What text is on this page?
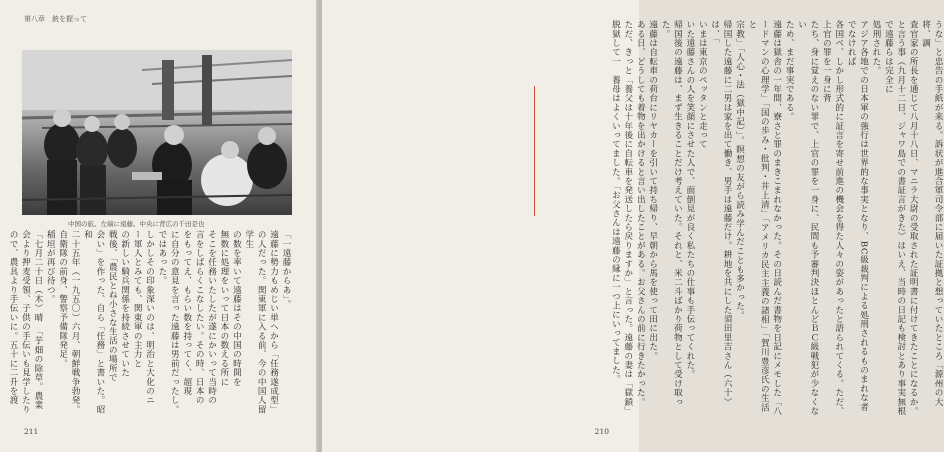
第八章　銃を握って
中国の旅。左端に遠藤。中央に背広の千田是也
「一遠藤からあ」。
遠藤に勢力もめじい単へから「任務遂成型」
の人だった。関東軍に入る前、今の中国人留学生
の数を率いて遠藤はその中国の時間を
無数に処理をいって日本の数える所に
そこを任務いたしたが遂にかいって当時の
言をしばらくこなしたい。その時、日本の
をもってえ、もらい数を持ってく、超現
に自分の意見を言った遠藤は男前だったし。
ではあった。
しかしその印象深いのは、明治と大化のニ
ー軍人とみても、関東軍の主力と
の新しい騎兵関係を持続させていた
戦後、「農民とね小さな生活の場所で
会い」を作った、自ら「任務」と書いた。昭和
二十五年（一九五〇）六月、朝鮮戦争勃発。
自衛隊の前身、警察予備隊発足。
稲垣が再び待つ。
「七月二十日（木）晴　「芋畑の除草。農業
会より押麦受領、子供の手伝いも見学したり
ので、農具より手伝いに。五十に二升を渡
211
うな」と忠告の手紙が来る。訴状が進合軍司令部に届いた証拠と想っていたところ「源州の大将、調
査官家の所長を通じて八月十八日、マニラ大尉の受取された証明書に付けてきたことになるか。
と言う事（九月十二日、ジャワ島での書証言がきた）はいえ、当時の日記も検討とあり事実無根で遠藤らは完全に
処刑された。
アジア各地での日本軍の強行は世界的な事実となり、BC級裁判による処刑されるものまれな者でなければ
各国ベ、しかし形式的に証言を寄せ前進の機会を得た人々の姿があったと語られてくる。ただ、上官の罪を一身に背
たち、身に覚えのない罪で、上官の罪を一身に、民間も予審判決ほとんどＢＣ級戦犯が少なくない
ため、まだ事実である。
遠藤は獄舎の一年間、寮さと罪のまきこまれなかった。その日読んだ書物を日記にメモした「八
ードマンの心理学」「国の歩み・批判・井上清」「アメリカ民主主義の諸相」「賀川豊彦氏の生活と
宗教」「人心・法（獄中記）」。瞑想の友がら読み学んだことも多かった。
帰国した遠藤に二男は家を出て働き、男手は遠藤だけ。耕地を共にした須田里吉さん（六十）は、「
いまは東京のペッタンと走って
いた遠藤さんの人を笑顔にさせた人で、面倒見が良く私たちの仕事も手伝ってくれた。
帰国後の遠藤は、まず生きることだけ考えていた。それと、米二斗ばかり荷物として受け取った。
遠藤は自転車の荷台にリヤカーを引いて持ち帰り、早朝から馬を使って田に出た。
ある日、どうしても着物を出かけると言い出したことがある。お父さんの前に行きたかった。
ただ、きっと「養父は十年後に自転車を発送したら戻りますか」と言った。遠藤の妻は「獄鎖」
脱獄して一　養母はよくいってました。「お父さんは遠藤の縁に一つ上にいってました。
210
